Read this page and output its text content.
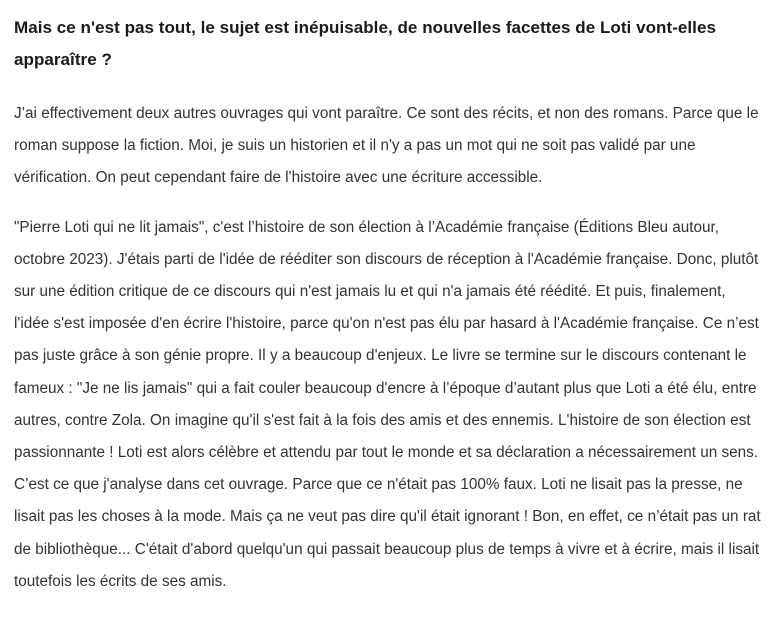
Mais ce n'est pas tout, le sujet est inépuisable, de nouvelles facettes de Loti vont-elles apparaître ?

J’ai effectivement deux autres ouvrages qui vont paraître. Ce sont des récits, et non des romans. Parce que le roman suppose la fiction. Moi, je suis un historien et il n'y a pas un mot qui ne soit pas validé par une vérification. On peut cependant faire de l'histoire avec une écriture accessible.

"Pierre Loti qui ne lit jamais", c'est l’histoire de son élection à l’Académie française (Éditions Bleu autour, octobre 2023). J'étais parti de l'idée de rééditer son discours de réception à l'Académie française. Donc, plutôt sur une édition critique de ce discours qui n'est jamais lu et qui n'a jamais été réédité. Et puis, finalement, l'idée s'est imposée d'en écrire l'histoire, parce qu'on n'est pas élu par hasard à l'Académie française. Ce n’est pas juste grâce à son génie propre. Il y a beaucoup d'enjeux. Le livre se termine sur le discours contenant le fameux : "Je ne lis jamais" qui a fait couler beaucoup d'encre à l’époque d’autant plus que Loti a été élu, entre autres, contre Zola. On imagine qu'il s'est fait à la fois des amis et des ennemis. L'histoire de son élection est passionnante ! Loti est alors célèbre et attendu par tout le monde et sa déclaration a nécessairement un sens. C’est ce que j'analyse dans cet ouvrage. Parce que ce n'était pas 100% faux. Loti ne lisait pas la presse, ne lisait pas les choses à la mode. Mais ça ne veut pas dire qu'il était ignorant ! Bon, en effet, ce n’était pas un rat de bibliothèque... C'était d'abord quelqu'un qui passait beaucoup plus de temps à vivre et à écrire, mais il lisait toutefois les écrits de ses amis.
